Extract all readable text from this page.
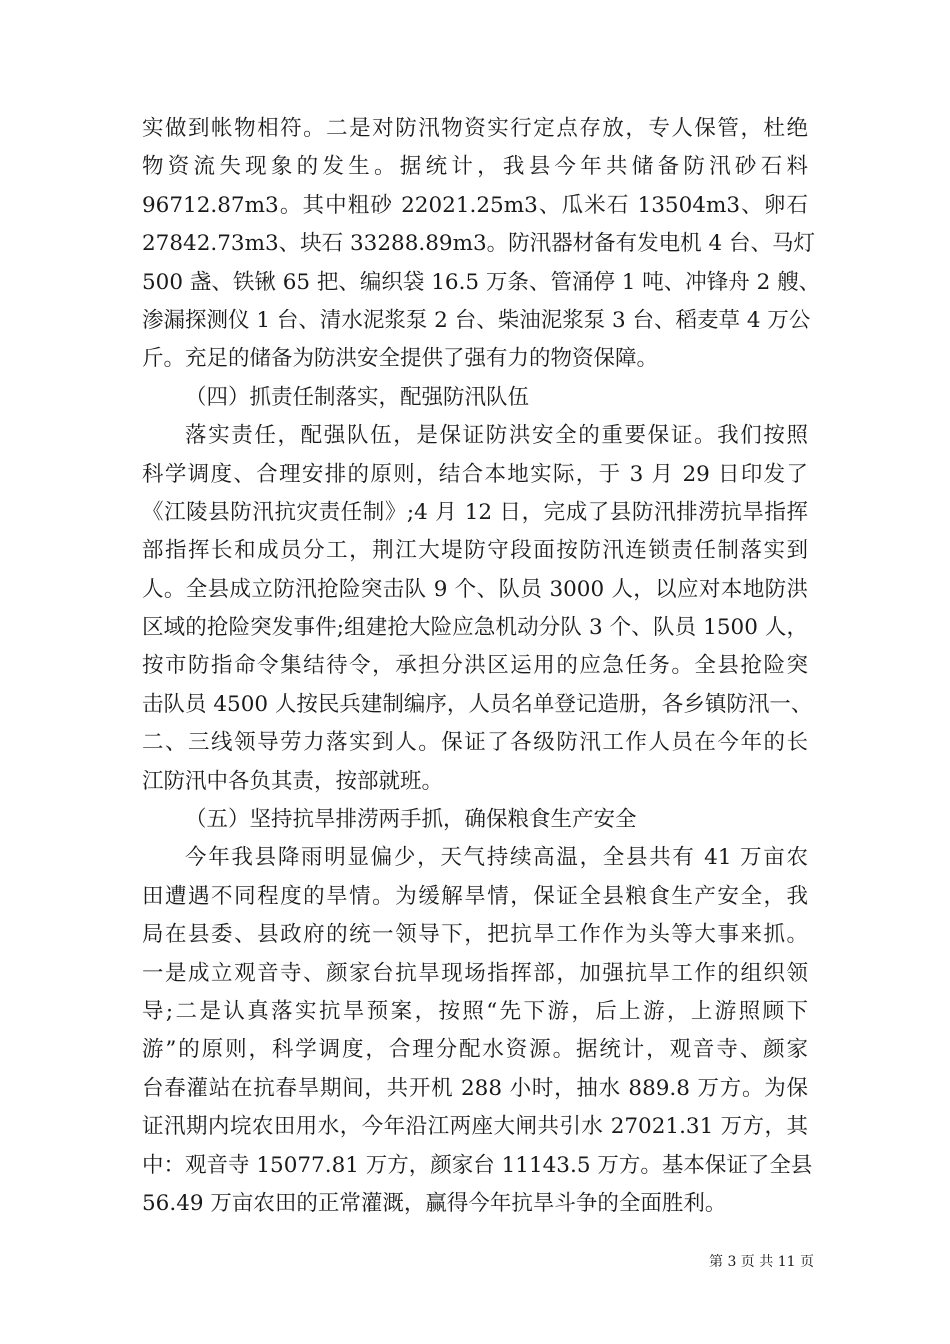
实做到帐物相符。二是对防汛物资实行定点存放，专人保管，杜绝
物资流失现象的发生。据统计，我县今年共储备防汛砂石料
96712.87m3。其中粗砂 22021.25m3、瓜米石 13504m3、卵石
27842.73m3、块石 33288.89m3。防汛器材备有发电机 4 台、马灯
500 盏、铁锹 65 把、编织袋 16.5 万条、管涌停 1 吨、冲锋舟 2 艘、
渗漏探测仪 1 台、清水泥浆泵 2 台、柴油泥浆泵 3 台、稻麦草 4 万公
斤。充足的储备为防洪安全提供了强有力的物资保障。
（四）抓责任制落实，配强防汛队伍
落实责任，配强队伍，是保证防洪安全的重要保证。我们按照
科学调度、合理安排的原则，结合本地实际，于 3 月 29 日印发了
《江陵县防汛抗灾责任制》;4 月 12 日，完成了县防汛排涝抗旱指挥
部指挥长和成员分工，荆江大堤防守段面按防汛连锁责任制落实到
人。全县成立防汛抢险突击队 9 个、队员 3000 人，以应对本地防洪
区域的抢险突发事件;组建抢大险应急机动分队 3 个、队员 1500 人，
按市防指命令集结待令，承担分洪区运用的应急任务。全县抢险突
击队员 4500 人按民兵建制编序，人员名单登记造册，各乡镇防汛一、
二、三线领导劳力落实到人。保证了各级防汛工作人员在今年的长
江防汛中各负其责，按部就班。
（五）坚持抗旱排涝两手抓，确保粮食生产安全
今年我县降雨明显偏少，天气持续高温，全县共有 41 万亩农
田遭遇不同程度的旱情。为缓解旱情，保证全县粮食生产安全，我
局在县委、县政府的统一领导下，把抗旱工作作为头等大事来抓。
一是成立观音寺、颜家台抗旱现场指挥部，加强抗旱工作的组织领
导;二是认真落实抗旱预案，按照“先下游，后上游，上游照顾下
游”的原则，科学调度，合理分配水资源。据统计，观音寺、颜家
台春灌站在抗春旱期间，共开机 288 小时，抽水 889.8 万方。为保
证汛期内垸农田用水，今年沿江两座大闸共引水 27021.31 万方，其
中：观音寺 15077.81 万方，颜家台 11143.5 万方。基本保证了全县
56.49 万亩农田的正常灌溉，赢得今年抗旱斗争的全面胜利。
第 3 页 共 11 页
